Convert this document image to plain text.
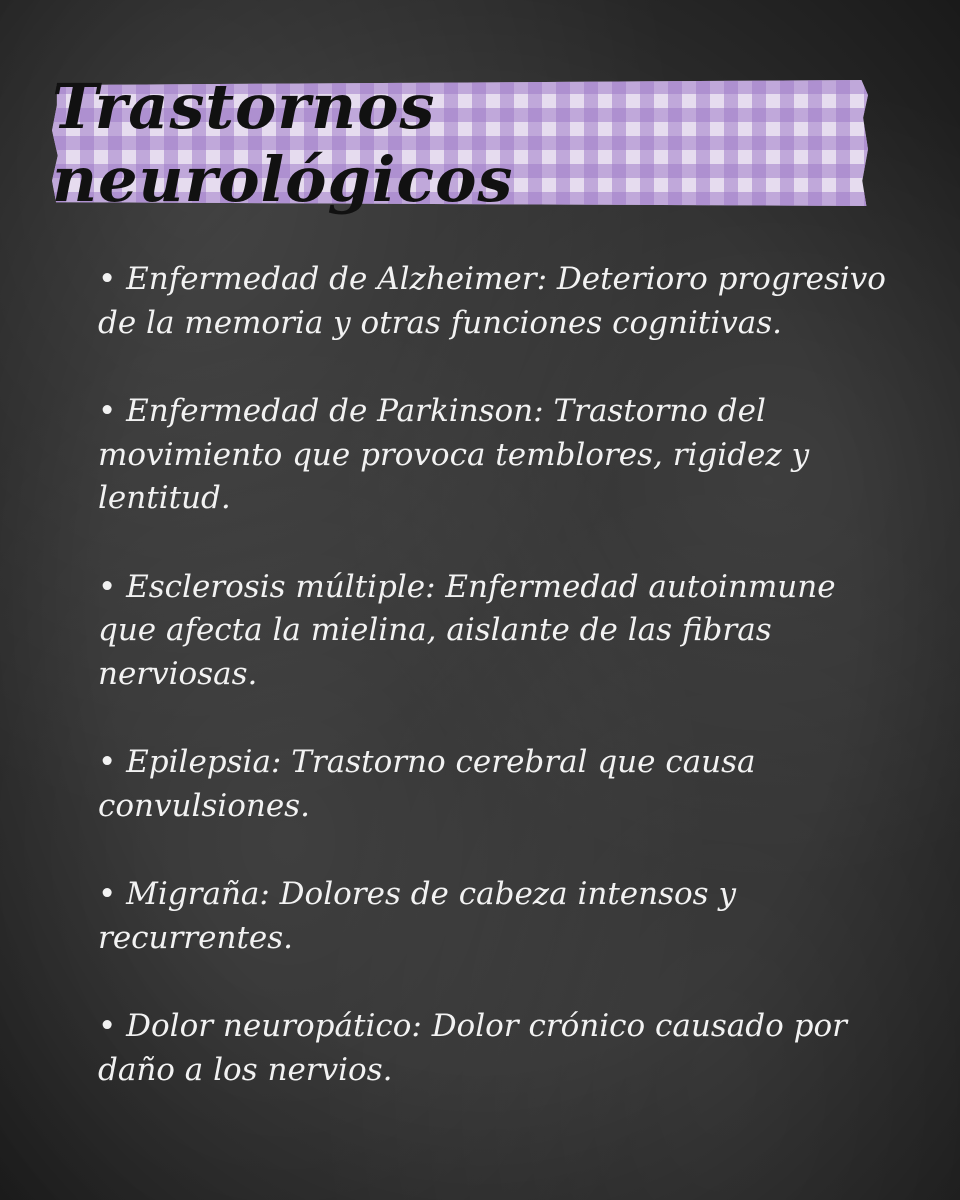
Trastornos neurológicos

• Enfermedad de Alzheimer: Deterioro progresivo de la memoria y otras funciones cognitivas.

• Enfermedad de Parkinson: Trastorno del movimiento que provoca temblores, rigidez y lentitud.

• Esclerosis múltiple: Enfermedad autoinmune que afecta la mielina, aislante de las fibras nerviosas.

• Epilepsia: Trastorno cerebral que causa convulsiones.

• Migraña: Dolores de cabeza intensos y recurrentes.

• Dolor neuropático: Dolor crónico causado por daño a los nervios.
